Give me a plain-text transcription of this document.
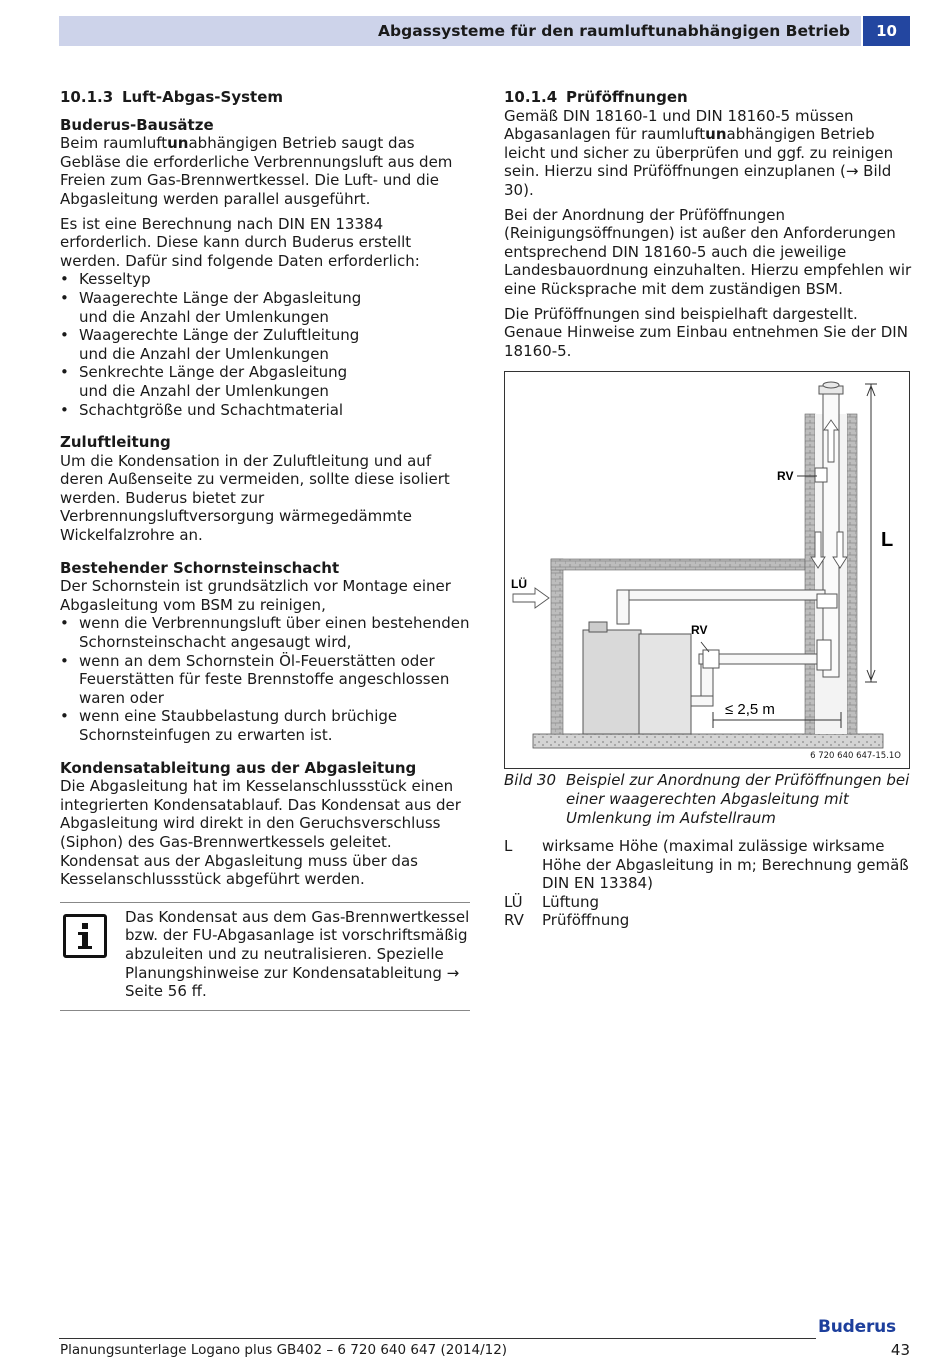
Abgassysteme für den raumluftunabhängigen Betrieb	10
10.1.3 Luft-Abgas-System
Buderus-Bausätze

Beim raumluftunabhängigen Betrieb saugt das Gebläse die erforderliche Verbrennungsluft aus dem Freien zum Gas-Brennwertkessel. Die Luft- und die Abgasleitung werden parallel ausgeführt.

Es ist eine Berechnung nach DIN EN 13384 erforderlich. Diese kann durch Buderus erstellt werden. Dafür sind folgende Daten erforderlich:

• Kesseltyp
• Waagerechte Länge der Abgasleitung und die Anzahl der Umlenkungen
• Waagerechte Länge der Zuluftleitung und die Anzahl der Umlenkungen
• Senkrechte Länge der Abgasleitung und die Anzahl der Umlenkungen
• Schachtgröße und Schachtmaterial
Zuluftleitung

Um die Kondensation in der Zuluftleitung und auf deren Außenseite zu vermeiden, sollte diese isoliert werden. Buderus bietet zur Verbrennungsluftversorgung wärmegedämmte Wickelfalzrohre an.

Bestehender Schornsteinschacht

Der Schornstein ist grundsätzlich vor Montage einer Abgasleitung vom BSM zu reinigen,

• wenn die Verbrennungsluft über einen bestehenden Schornsteinschacht angesaugt wird,
• wenn an dem Schornstein Öl-Feuerstätten oder Feuerstätten für feste Brennstoffe angeschlossen waren oder
• wenn eine Staubbelastung durch brüchige Schornsteinfugen zu erwarten ist.
Kondensatableitung aus der Abgasleitung

Die Abgasleitung hat im Kesselanschlussstück einen integrierten Kondensatablauf. Das Kondensat aus der Abgasleitung wird direkt in den Geruchsverschluss (Siphon) des Gas-Brennwertkessels geleitet. Kondensat aus der Abgasleitung muss über das Kesselanschlussstück abgeführt werden.

Das Kondensat aus dem Gas-Brennwertkessel bzw. der FU-Abgasanlage ist vorschriftsmäßig abzuleiten und zu neutralisieren. Spezielle Planungshinweise zur Kondensatableitung → Seite 56 ff.
10.1.4 Prüföffnungen

Gemäß DIN 18160-1 und DIN 18160-5 müssen Abgasanlagen für raumluftunabhängigen Betrieb leicht und sicher zu überprüfen und ggf. zu reinigen sein. Hierzu sind Prüföffnungen einzuplanen (→ Bild 30).

Bei der Anordnung der Prüföffnungen (Reinigungsöffnungen) ist außer den Anforderungen entsprechend DIN 18160-5 auch die jeweilige Landesbauordnung einzuhalten. Hierzu empfehlen wir eine Rücksprache mit dem zuständigen BSM.

Die Prüföffnungen sind beispielhaft dargestellt. Genaue Hinweise zum Einbau entnehmen Sie der DIN 18160-5.

RV
L
LÜ
RV
≤ 2,5 m
6 720 640 647-15.1O
Bild 30 Beispiel zur Anordnung der Prüföffnungen bei einer waagerechten Abgasleitung mit Umlenkung im Aufstellraum
L	wirksame Höhe (maximal zulässige wirksame Höhe der Abgasleitung in m; Berechnung gemäß DIN EN 13384)
LÜ	Lüftung
RV	Prüföffnung
Buderus
Planungsunterlage Logano plus GB402 – 6 720 640 647 (2014/12)	43
